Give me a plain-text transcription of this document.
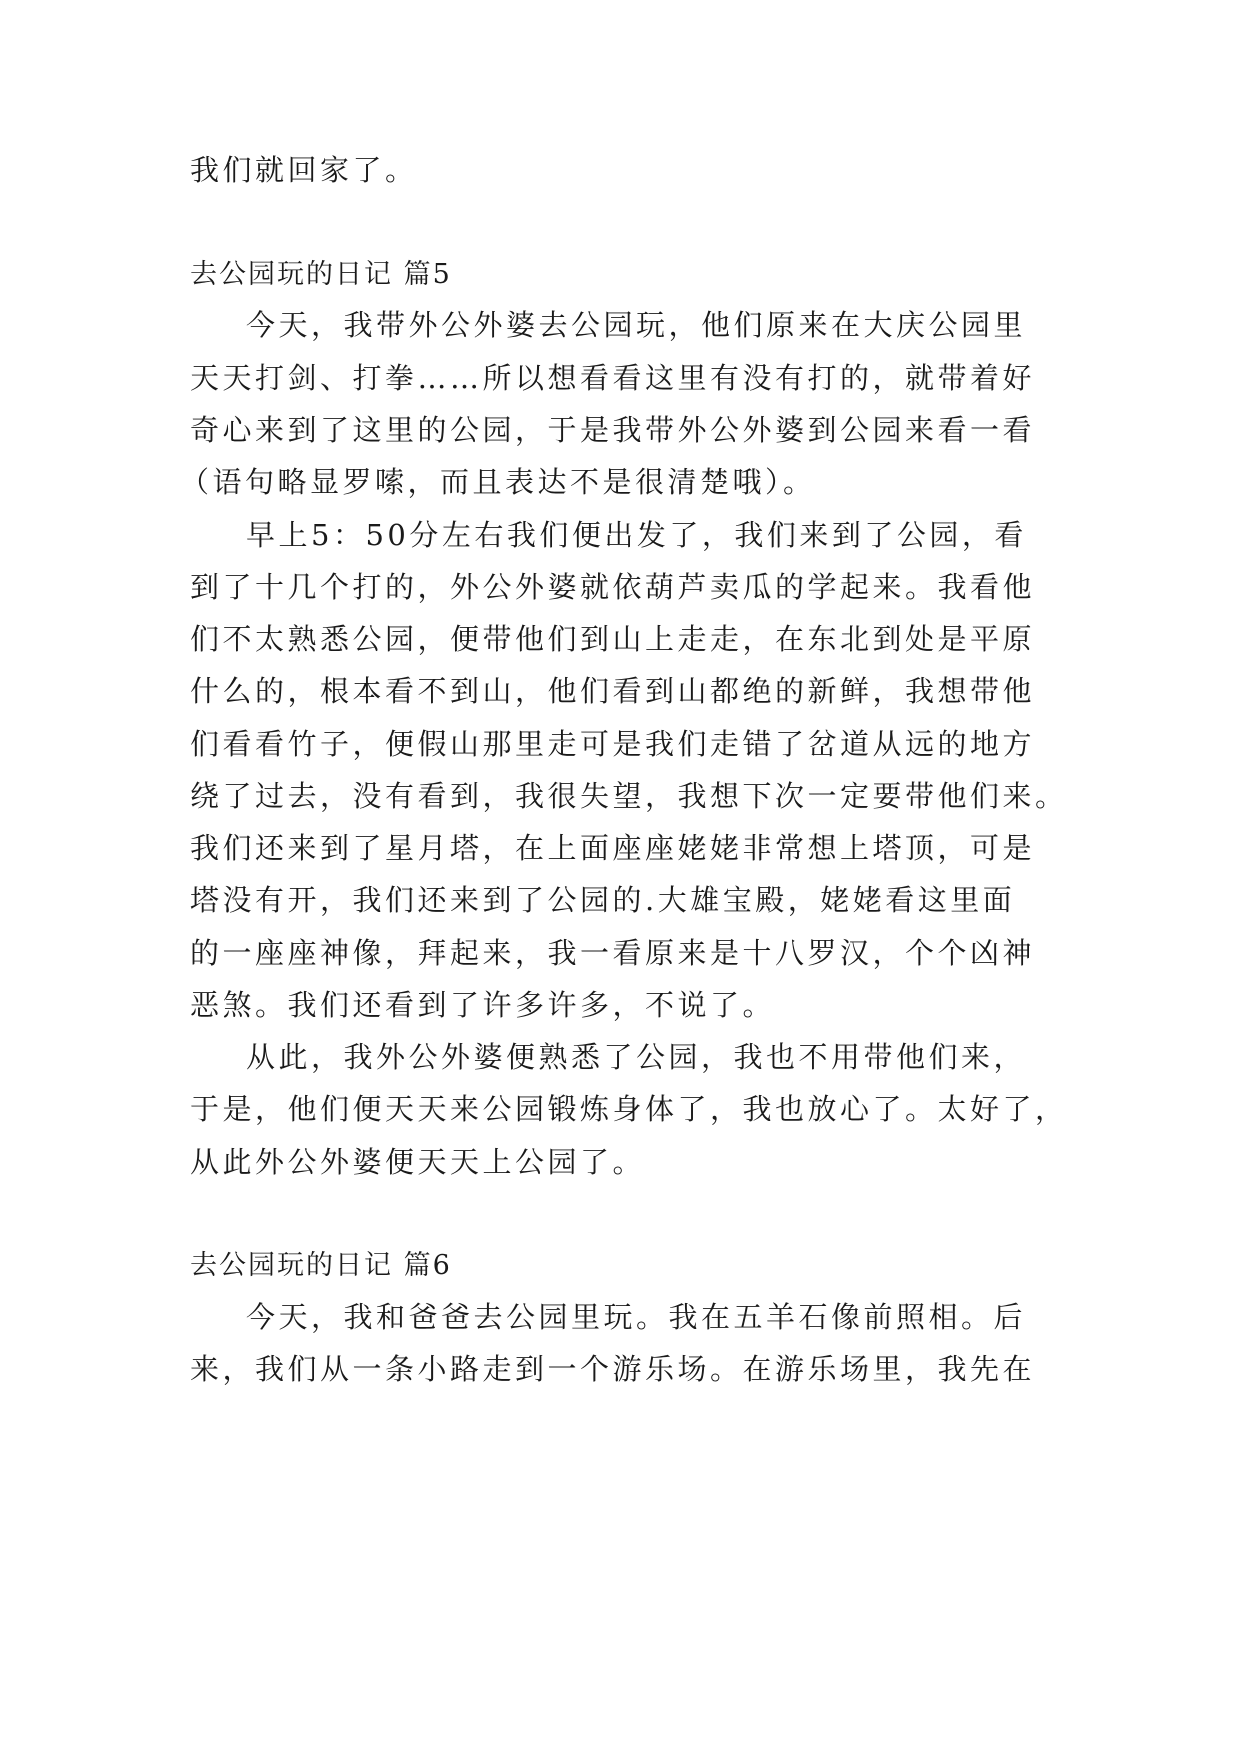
我们就回家了。
去公园玩的日记 篇5
今天，我带外公外婆去公园玩，他们原来在大庆公园里
天天打剑、打拳……所以想看看这里有没有打的，就带着好
奇心来到了这里的公园，于是我带外公外婆到公园来看一看
（语句略显罗嗦，而且表达不是很清楚哦）。
早上5：50分左右我们便出发了，我们来到了公园，看
到了十几个打的，外公外婆就依葫芦卖瓜的学起来。我看他
们不太熟悉公园，便带他们到山上走走，在东北到处是平原
什么的，根本看不到山，他们看到山都绝的新鲜，我想带他
们看看竹子，便假山那里走可是我们走错了岔道从远的地方
绕了过去，没有看到，我很失望，我想下次一定要带他们来。
我们还来到了星月塔，在上面座座姥姥非常想上塔顶，可是
塔没有开，我们还来到了公园的.大雄宝殿，姥姥看这里面
的一座座神像，拜起来，我一看原来是十八罗汉，个个凶神
恶煞。我们还看到了许多许多，不说了。
从此，我外公外婆便熟悉了公园，我也不用带他们来，
于是，他们便天天来公园锻炼身体了，我也放心了。太好了，
从此外公外婆便天天上公园了。
去公园玩的日记 篇6
今天，我和爸爸去公园里玩。我在五羊石像前照相。后
来，我们从一条小路走到一个游乐场。在游乐场里，我先在
